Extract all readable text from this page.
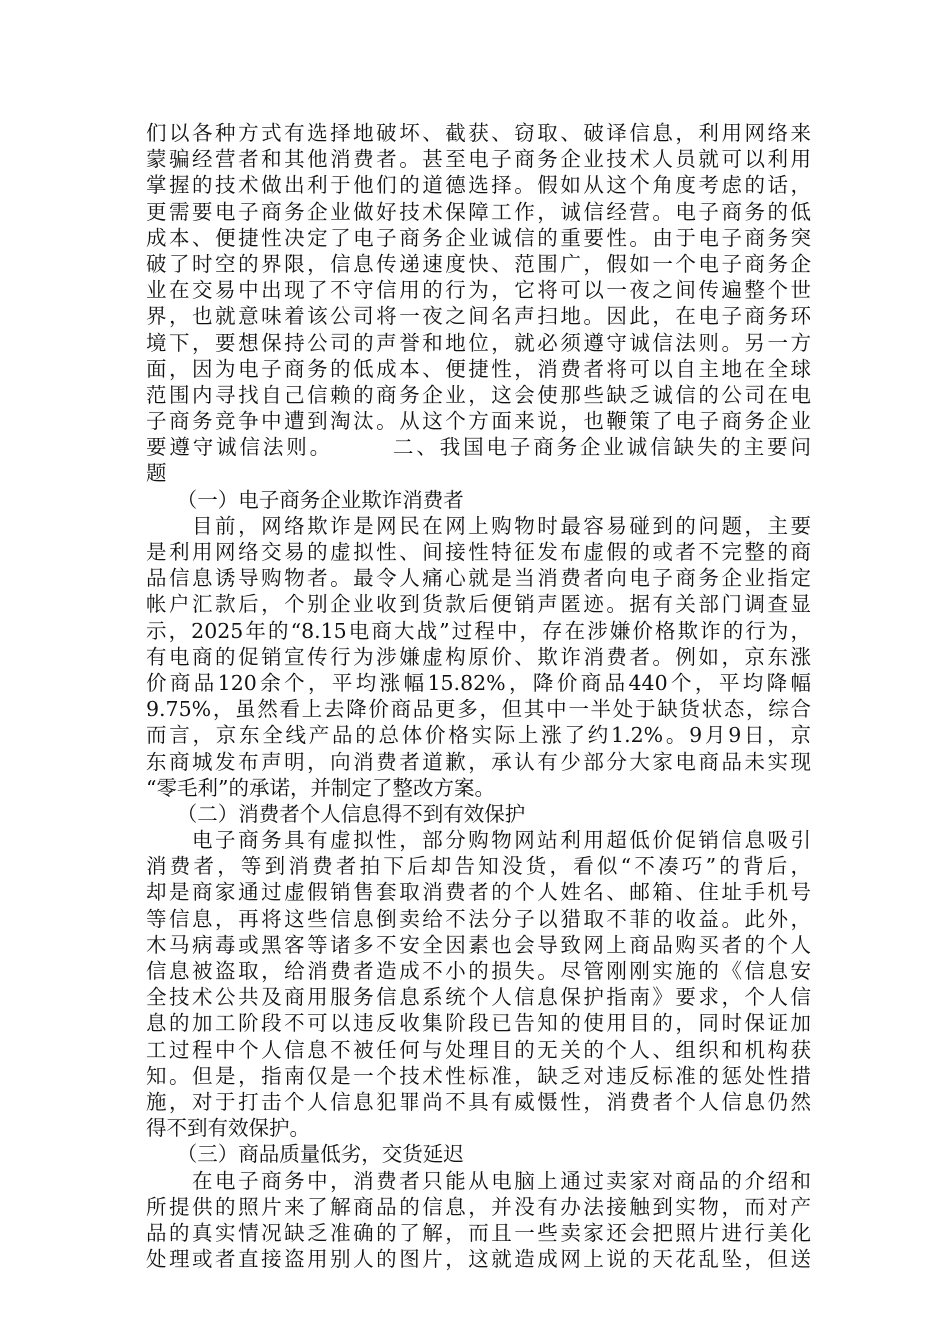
们以各种方式有选择地破坏、截获、窃取、破译信息，利用网络来
蒙骗经营者和其他消费者。甚至电子商务企业技术人员就可以利用
掌握的技术做出利于他们的道德选择。假如从这个角度考虑的话，
更需要电子商务企业做好技术保障工作，诚信经营。电子商务的低
成本、便捷性决定了电子商务企业诚信的重要性。由于电子商务突
破了时空的界限，信息传递速度快、范围广，假如一个电子商务企
业在交易中出现了不守信用的行为，它将可以一夜之间传遍整个世
界，也就意味着该公司将一夜之间名声扫地。因此，在电子商务环
境下，要想保持公司的声誉和地位，就必须遵守诚信法则。另一方
面，因为电子商务的低成本、便捷性，消费者将可以自主地在全球
范围内寻找自己信赖的商务企业，这会使那些缺乏诚信的公司在电
子商务竞争中遭到淘汰。从这个方面来说，也鞭策了电子商务企业
要遵守诚信法则。　　　二、我国电子商务企业诚信缺失的主要问
题
　　（一）电子商务企业欺诈消费者
　　目前，网络欺诈是网民在网上购物时最容易碰到的问题，主要
是利用网络交易的虚拟性、间接性特征发布虚假的或者不完整的商
品信息诱导购物者。最令人痛心就是当消费者向电子商务企业指定
帐户汇款后，个别企业收到货款后便销声匿迹。据有关部门调查显
示，2025年的“8.15电商大战”过程中，存在涉嫌价格欺诈的行为，
有电商的促销宣传行为涉嫌虚构原价、欺诈消费者。例如，京东涨
价商品120余个，平均涨幅15.82%，降价商品440个，平均降幅
9.75%，虽然看上去降价商品更多，但其中一半处于缺货状态，综合
而言，京东全线产品的总体价格实际上涨了约1.2%。9月9日，京
东商城发布声明，向消费者道歉，承认有少部分大家电商品未实现
“零毛利”的承诺，并制定了整改方案。
　　（二）消费者个人信息得不到有效保护
　　电子商务具有虚拟性，部分购物网站利用超低价促销信息吸引
消费者，等到消费者拍下后却告知没货，看似“不凑巧”的背后，
却是商家通过虚假销售套取消费者的个人姓名、邮箱、住址手机号
等信息，再将这些信息倒卖给不法分子以猎取不菲的收益。此外，
木马病毒或黑客等诸多不安全因素也会导致网上商品购买者的个人
信息被盗取，给消费者造成不小的损失。尽管刚刚实施的《信息安
全技术公共及商用服务信息系统个人信息保护指南》要求，个人信
息的加工阶段不可以违反收集阶段已告知的使用目的，同时保证加
工过程中个人信息不被任何与处理目的无关的个人、组织和机构获
知。但是，指南仅是一个技术性标准，缺乏对违反标准的惩处性措
施，对于打击个人信息犯罪尚不具有威慑性，消费者个人信息仍然
得不到有效保护。
　　（三）商品质量低劣，交货延迟
　　在电子商务中，消费者只能从电脑上通过卖家对商品的介绍和
所提供的照片来了解商品的信息，并没有办法接触到实物，而对产
品的真实情况缺乏准确的了解，而且一些卖家还会把照片进行美化
处理或者直接盗用别人的图片，这就造成网上说的天花乱坠，但送
